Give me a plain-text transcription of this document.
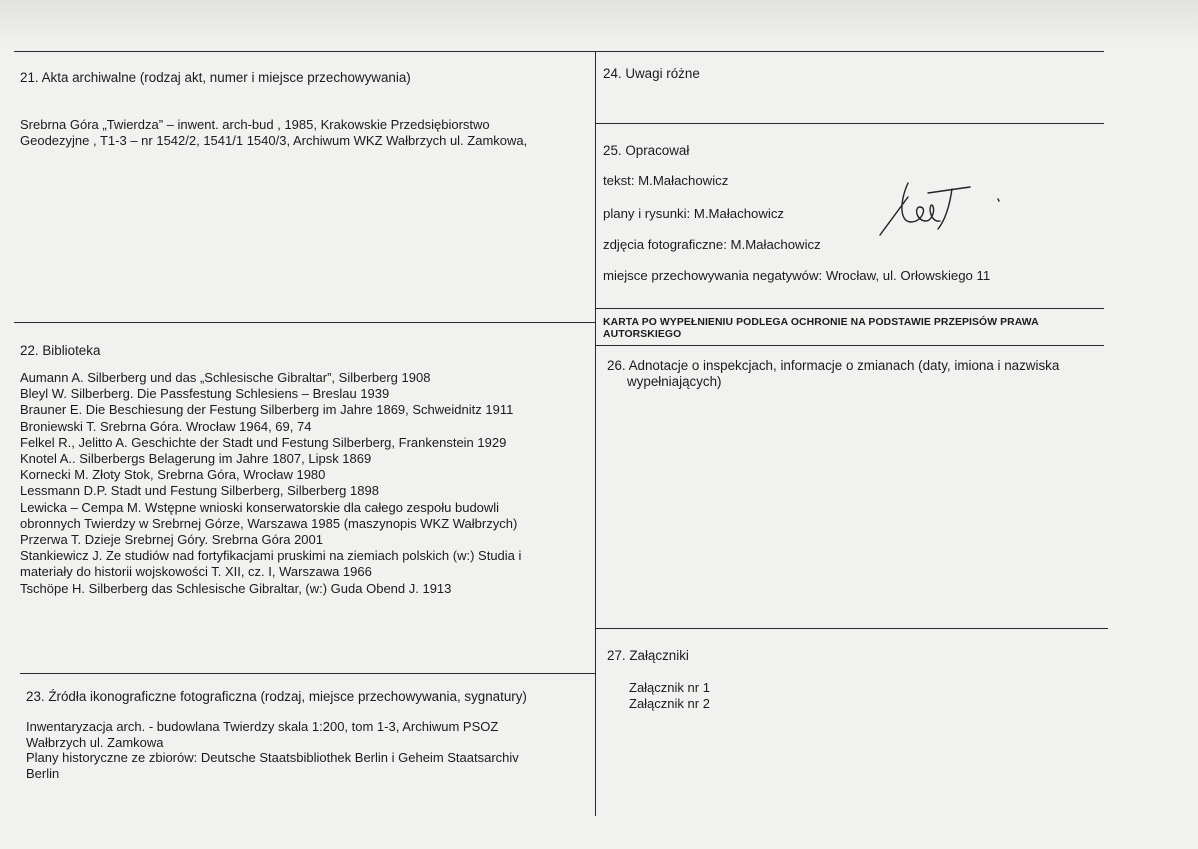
21. Akta archiwalne (rodzaj akt, numer i miejsce przechowywania)
Srebrna Góra „Twierdza” – inwent. arch-bud , 1985, Krakowskie Przedsiębiorstwo
Geodezyjne , T1-3 – nr 1542/2, 1541/1 1540/3, Archiwum WKZ Wałbrzych ul. Zamkowa,
22. Biblioteka
Aumann A. Silberberg und das „Schlesische Gibraltar”, Silberberg 1908
Bleyl W. Silberberg. Die Passfestung Schlesiens – Breslau 1939
Brauner E. Die Beschiesung der Festung Silberberg im Jahre 1869, Schweidnitz 1911
Broniewski T. Srebrna Góra. Wrocław 1964, 69, 74
Felkel R., Jelitto A. Geschichte der Stadt und Festung Silberberg, Frankenstein 1929
Knotel A.. Silberbergs Belagerung im Jahre 1807, Lipsk 1869
Kornecki M. Złoty Stok, Srebrna Góra, Wrocław 1980
Lessmann D.P. Stadt und Festung Silberberg, Silberberg 1898
Lewicka – Cempa M. Wstępne wnioski konserwatorskie dla całego zespołu budowli
obronnych Twierdzy w Srebrnej Górze, Warszawa 1985 (maszynopis WKZ Wałbrzych)
Przerwa T. Dzieje Srebrnej Góry. Srebrna Góra 2001
Stankiewicz J. Ze studiów nad fortyfikacjami pruskimi na ziemiach polskich (w:) Studia i
materiały do historii wojskowości T. XII, cz. I, Warszawa 1966
Tschöpe H. Silberberg das Schlesische Gibraltar, (w:) Guda Obend J. 1913
23. Źródła ikonograficzne fotograficzna (rodzaj, miejsce przechowywania, sygnatury)
Inwentaryzacja arch. - budowlana Twierdzy skala 1:200, tom 1-3, Archiwum PSOZ
Wałbrzych ul. Zamkowa
Plany historyczne ze zbiorów: Deutsche Staatsbibliothek Berlin i Geheim Staatsarchiv
Berlin
24. Uwagi różne
25. Opracował
tekst: M.Małachowicz
plany i rysunki: M.Małachowicz
zdjęcia fotograficzne: M.Małachowicz
miejsce przechowywania negatywów: Wrocław, ul. Orłowskiego 11
KARTA PO WYPEŁNIENIU PODLEGA OCHRONIE NA PODSTAWIE PRZEPISÓW PRAWA
AUTORSKIEGO
26. Adnotacje o inspekcjach, informacje o zmianach (daty, imiona i nazwiska
wypełniających)
27. Załączniki
Załącznik nr 1
Załącznik nr 2
